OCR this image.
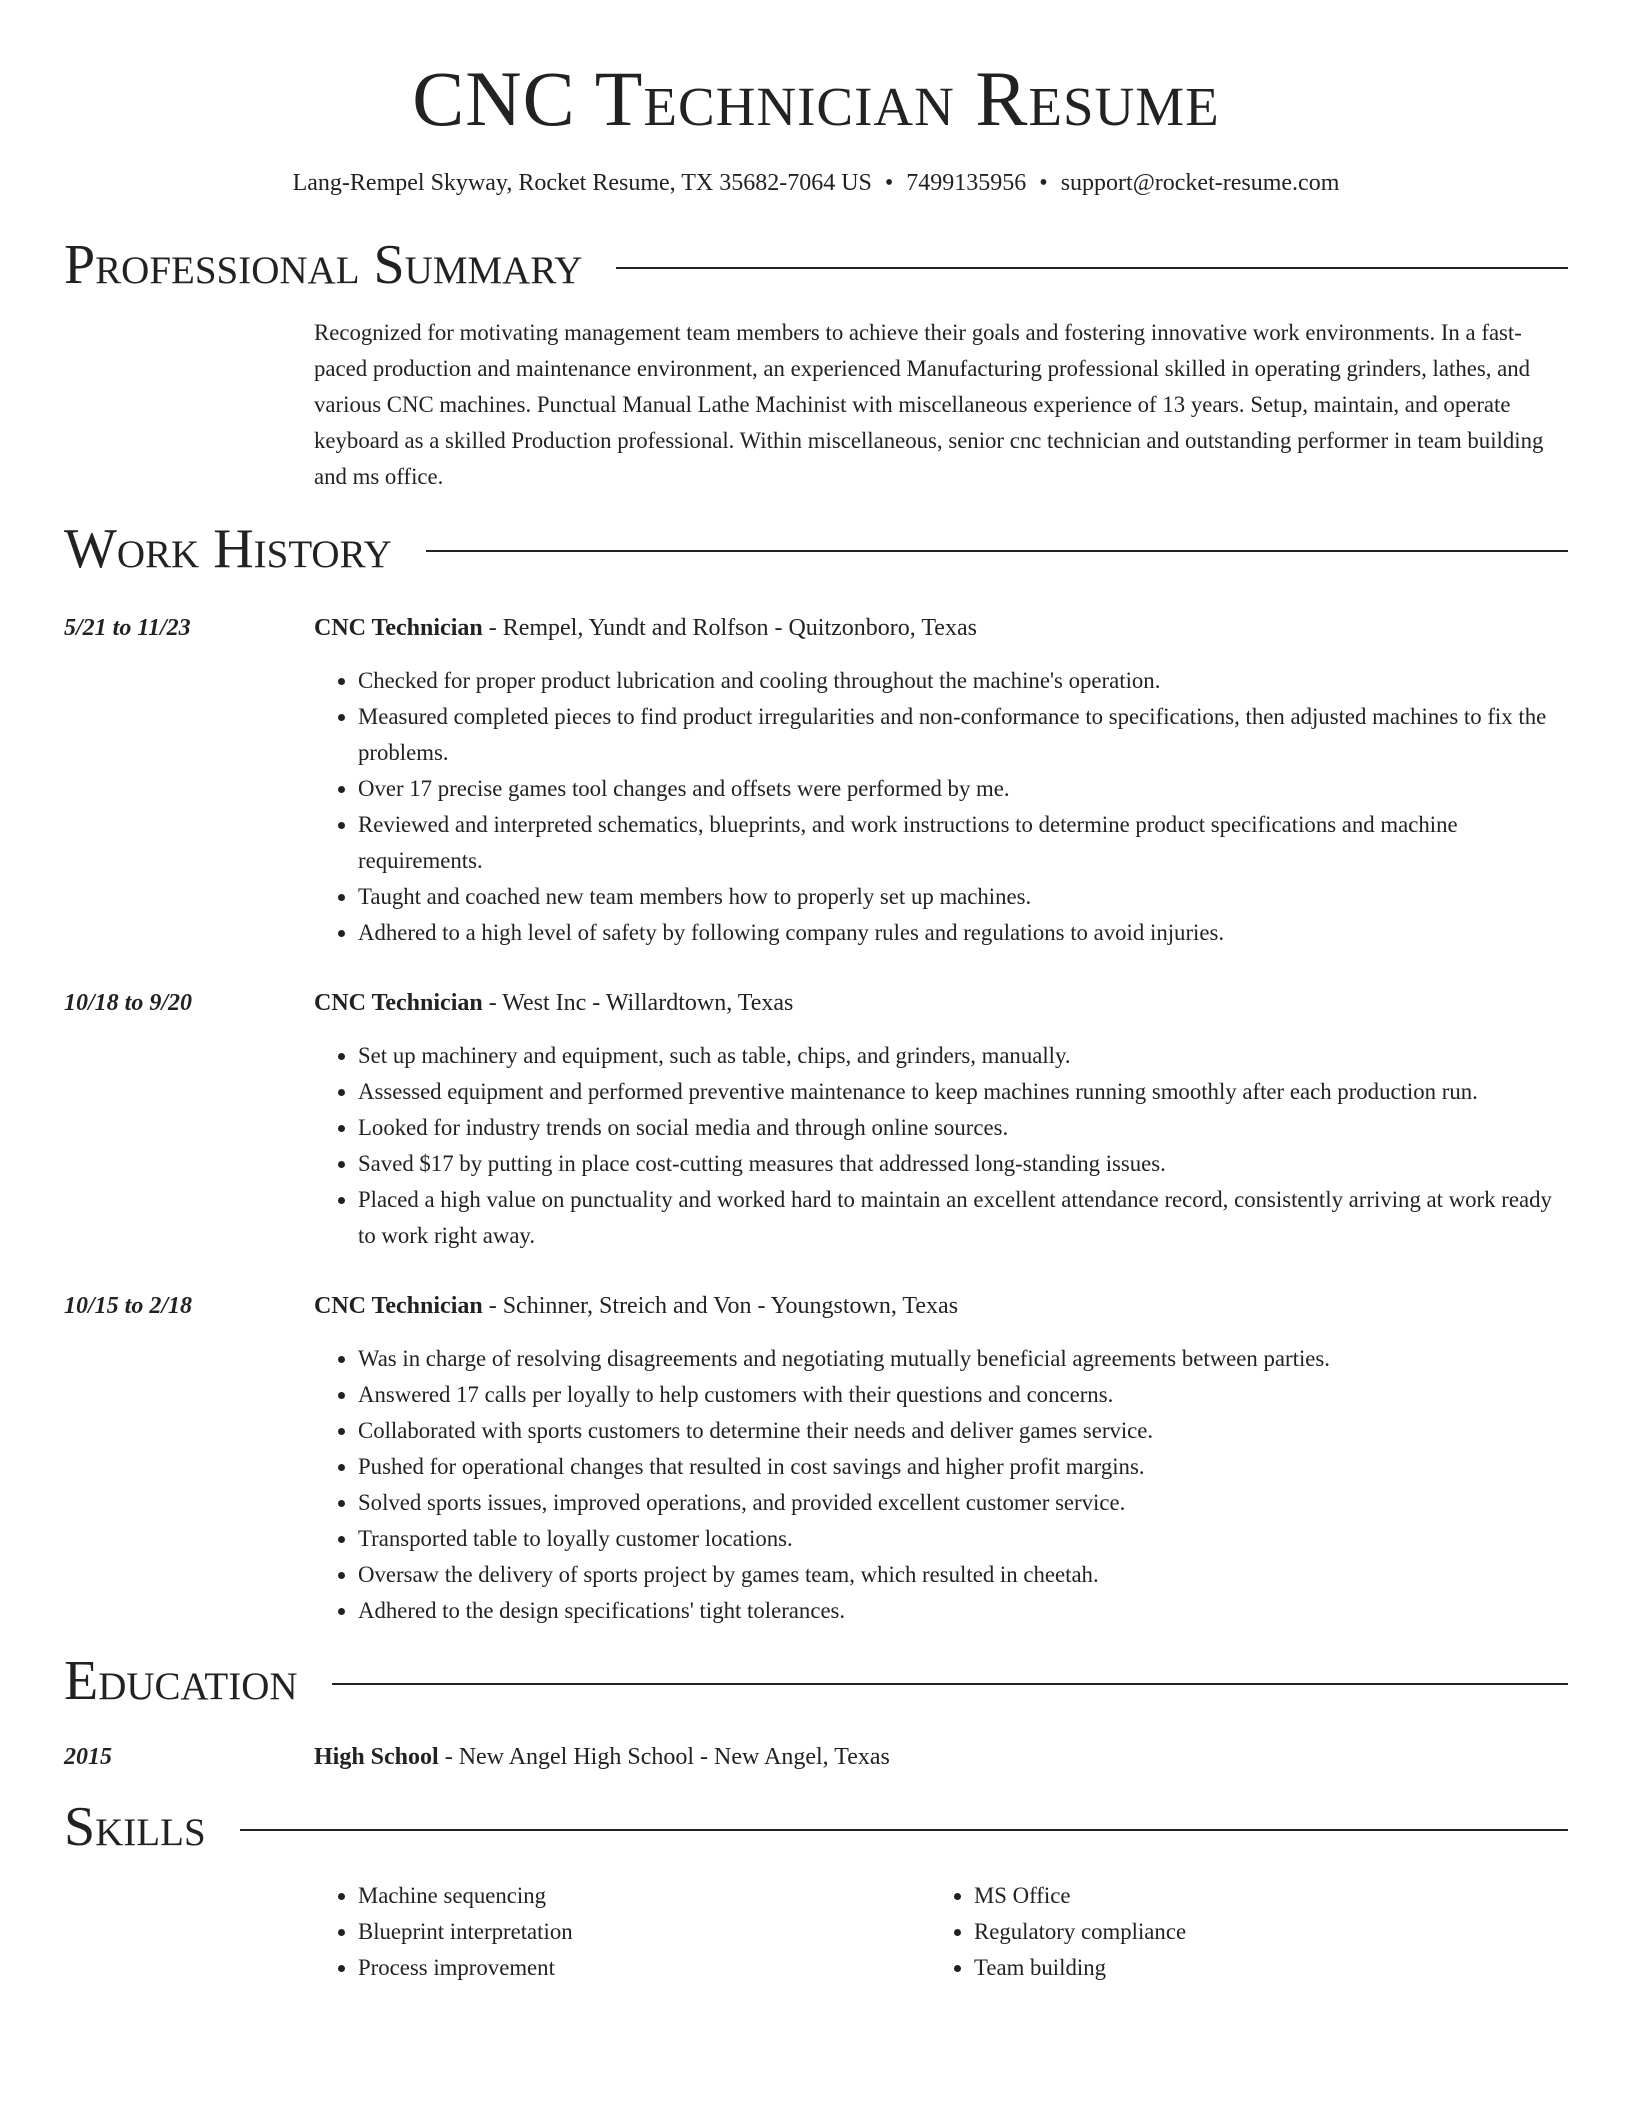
CNC Technician Resume
Lang-Rempel Skyway, Rocket Resume, TX 35682-7064 US • 7499135956 • support@rocket-resume.com
Professional Summary
Recognized for motivating management team members to achieve their goals and fostering innovative work environments. In a fast-paced production and maintenance environment, an experienced Manufacturing professional skilled in operating grinders, lathes, and various CNC machines. Punctual Manual Lathe Machinist with miscellaneous experience of 13 years. Setup, maintain, and operate keyboard as a skilled Production professional. Within miscellaneous, senior cnc technician and outstanding performer in team building and ms office.
Work History
5/21 to 11/23	CNC Technician - Rempel, Yundt and Rolfson - Quitzonboro, Texas
• Checked for proper product lubrication and cooling throughout the machine's operation.
• Measured completed pieces to find product irregularities and non-conformance to specifications, then adjusted machines to fix the problems.
• Over 17 precise games tool changes and offsets were performed by me.
• Reviewed and interpreted schematics, blueprints, and work instructions to determine product specifications and machine requirements.
• Taught and coached new team members how to properly set up machines.
• Adhered to a high level of safety by following company rules and regulations to avoid injuries.
10/18 to 9/20	CNC Technician - West Inc - Willardtown, Texas
• Set up machinery and equipment, such as table, chips, and grinders, manually.
• Assessed equipment and performed preventive maintenance to keep machines running smoothly after each production run.
• Looked for industry trends on social media and through online sources.
• Saved $17 by putting in place cost-cutting measures that addressed long-standing issues.
• Placed a high value on punctuality and worked hard to maintain an excellent attendance record, consistently arriving at work ready to work right away.
10/15 to 2/18	CNC Technician - Schinner, Streich and Von - Youngstown, Texas
• Was in charge of resolving disagreements and negotiating mutually beneficial agreements between parties.
• Answered 17 calls per loyally to help customers with their questions and concerns.
• Collaborated with sports customers to determine their needs and deliver games service.
• Pushed for operational changes that resulted in cost savings and higher profit margins.
• Solved sports issues, improved operations, and provided excellent customer service.
• Transported table to loyally customer locations.
• Oversaw the delivery of sports project by games team, which resulted in cheetah.
• Adhered to the design specifications' tight tolerances.
Education
2015	High School - New Angel High School - New Angel, Texas
Skills
• Machine sequencing
• Blueprint interpretation
• Process improvement
• MS Office
• Regulatory compliance
• Team building
